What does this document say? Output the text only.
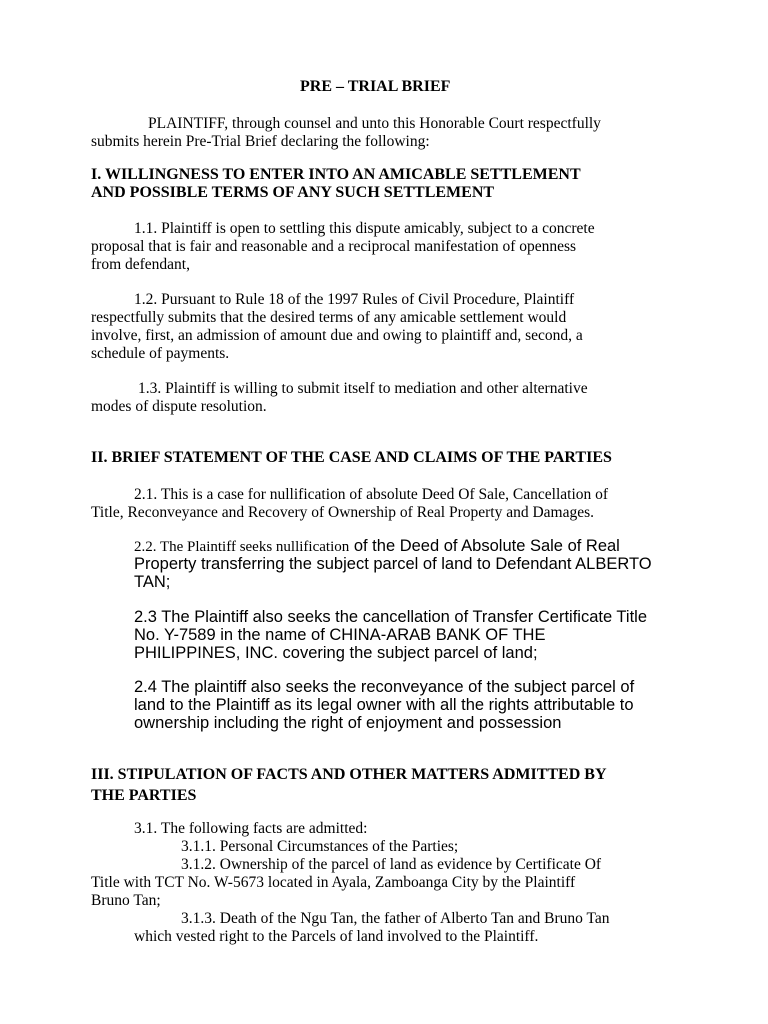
PRE – TRIAL BRIEF
PLAINTIFF, through counsel and unto this Honorable Court respectfully
submits herein Pre-Trial Brief declaring the following:
I. WILLINGNESS TO ENTER INTO AN AMICABLE SETTLEMENT
AND POSSIBLE TERMS OF ANY SUCH SETTLEMENT
1.1. Plaintiff is open to settling this dispute amicably, subject to a concrete
proposal that is fair and reasonable and a reciprocal manifestation of openness
from defendant,
1.2. Pursuant to Rule 18 of the 1997 Rules of Civil Procedure, Plaintiff
respectfully submits that the desired terms of any amicable settlement would
involve, first, an admission of amount due and owing to plaintiff and, second, a
schedule of payments.
1.3. Plaintiff is willing to submit itself to mediation and other alternative
modes of dispute resolution.
II. BRIEF STATEMENT OF THE CASE AND CLAIMS OF THE PARTIES
2.1. This is a case for nullification of absolute Deed Of Sale, Cancellation of
Title, Reconveyance and Recovery of Ownership of Real Property and Damages.
2.2. The Plaintiff seeks nullification of the Deed of Absolute Sale of Real
Property transferring the subject parcel of land to Defendant ALBERTO
TAN;
2.3 The Plaintiff also seeks the cancellation of Transfer Certificate Title
No. Y-7589 in the name of CHINA-ARAB BANK OF THE
PHILIPPINES, INC. covering the subject parcel of land;
2.4 The plaintiff also seeks the reconveyance of the subject parcel of
land to the Plaintiff as its legal owner with all the rights attributable to
ownership including the right of enjoyment and possession
III. STIPULATION OF FACTS AND OTHER MATTERS ADMITTED BY
THE PARTIES
3.1. The following facts are admitted:
3.1.1. Personal Circumstances of the Parties;
3.1.2. Ownership of the parcel of land as evidence by Certificate Of
Title with TCT No. W-5673 located in Ayala, Zamboanga City by the Plaintiff
Bruno Tan;
3.1.3. Death of the Ngu Tan, the father of Alberto Tan and Bruno Tan
which vested right to the Parcels of land involved to the Plaintiff.
